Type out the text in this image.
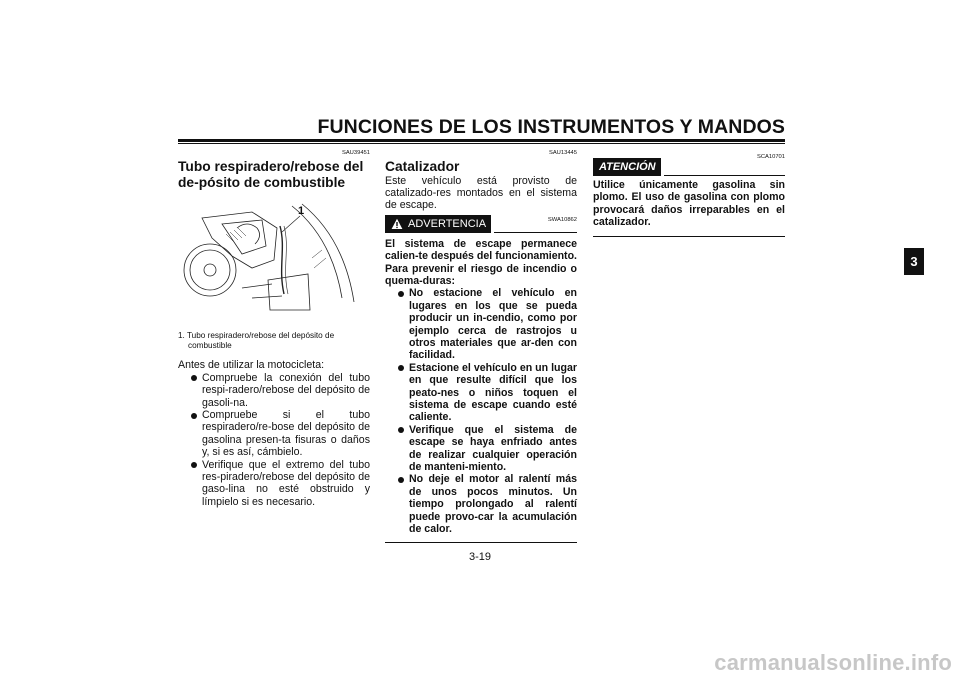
FUNCIONES DE LOS INSTRUMENTOS Y MANDOS
3
SAU39451
Tubo respiradero/rebose del de-pósito de combustible
1
1. Tubo respiradero/rebose del depósito de combustible

Antes de utilizar la motocicleta:

Compruebe la conexión del tubo respi-radero/rebose del depósito de gasoli-na.
Compruebe si el tubo respiradero/re-bose del depósito de gasolina presen-ta fisuras o daños y, si es así, cámbielo.
Verifique que el extremo del tubo res-piradero/rebose del depósito de gaso-lina no esté obstruido y límpielo si es necesario.
SAU13445
Catalizador

Este vehículo está provisto de catalizado-res montados en el sistema de escape.

ADVERTENCIA	SWA10862

El sistema de escape permanece calien-te después del funcionamiento. Para prevenir el riesgo de incendio o quema-duras:

No estacione el vehículo en lugares en los que se pueda producir un in-cendio, como por ejemplo cerca de rastrojos u otros materiales que ar-den con facilidad.
Estacione el vehículo en un lugar en que resulte difícil que los peato-nes o niños toquen el sistema de escape cuando esté caliente.
Verifique que el sistema de escape se haya enfriado antes de realizar cualquier operación de manteni-miento.
No deje el motor al ralentí más de unos pocos minutos. Un tiempo prolongado al ralentí puede provo-car la acumulación de calor.
ATENCIÓN
SCA10701

Utilice únicamente gasolina sin plomo. El uso de gasolina con plomo provocará daños irreparables en el catalizador.

3-19
carmanualsonline.info
